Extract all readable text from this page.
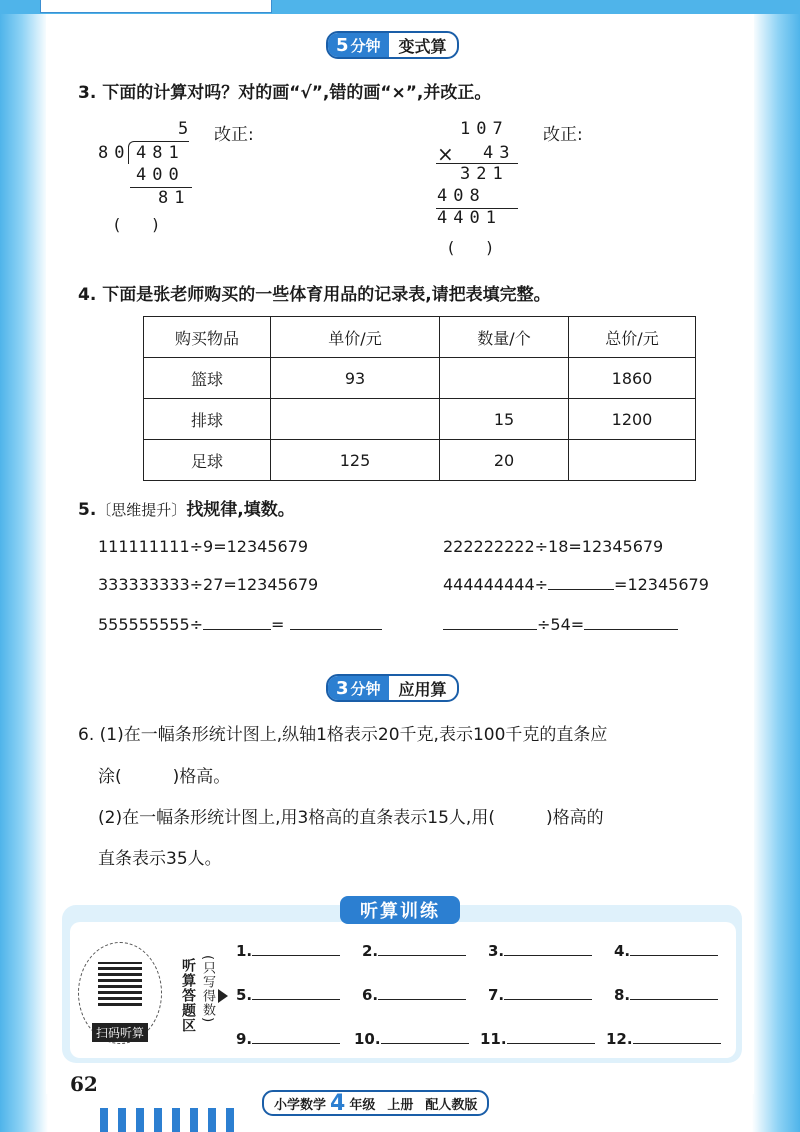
5 分钟	变式算
3. 下面的计算对吗？对的画“√”,错的画“×”,并改正。
5
80 481
400
81
(　　)
改正:	107
× 43
321
408
4401
(　　)
改正:
4. 下面是张老师购买的一些体育用品的记录表,请把表填完整。
购买物品	单价/元	数量/个	总价/元
篮球	93		1860
排球		15	1200
足球	125	20	
5.〔思维提升〕找规律,填数。
111111111÷9=12345679	222222222÷18=12345679
333333333÷27=12345679	444444444÷	=12345679
555555555÷	=	÷54=
3 分钟	应用算
6. (1)在一幅条形统计图上,纵轴1格表示20千克,表示100千克的直条应
涂(　　　)格高。
(2)在一幅条形统计图上,用3格高的直条表示15人,用(　　　)格高的
直条表示35人。
听算训练
扫码听算	听算答题区 (只写得数)
1.	2.	3.	4.
5.	6.	7.	8.
9.	10.	11.	12.
62
小学数学 4 年级 上册 配人教版
